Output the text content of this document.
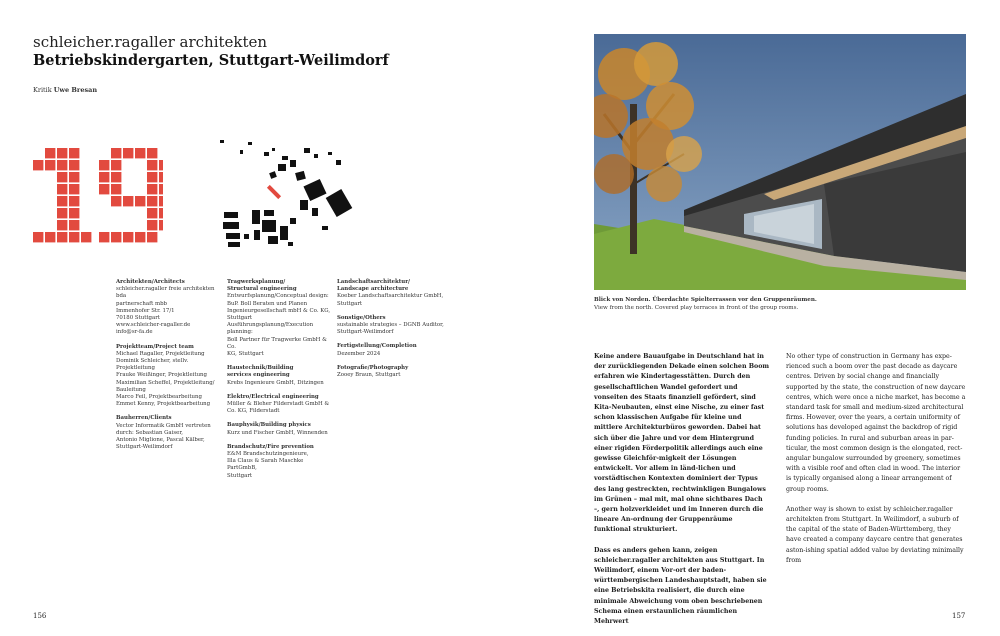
schleicher.ragaller architekten
Betriebskindergarten, Stuttgart-Weilimdorf
Kritik Uwe Bresan
19
Architekten/Architects
schleicher.ragaller freie architekten bda
partnerschaft mbb
Immenhofer Str. 17/1
70180 Stuttgart
www.schleicher-ragaller.de
info@sr-fa.de
Projektteam/Project team
Michael Ragaller, Projektleitung
Dominik Schleicher, stellv.
Projektleitung
Frauke Weißinger, Projektleitung
Maximilian Scheffel, Projektleitung/
Bauleitung
Marco Feil, Projektbearbeitung
Emmet Kenny, Projektbearbeitung
Bauherren/Clients
Vector Informatik GmbH vertreten
durch: Sebastian Gaiser,
Antonio Miglione, Pascal Kälber,
Stuttgart-Weilimdorf
Tragwerksplanung/
Structural engineering
Entwurfsplanung/Conceptual design:
BuP. Boll Beraten und Planen
Ingenieurgesellschaft mbH & Co. KG,
Stuttgart
Ausführungsplanung/Execution
planning:
Boll Partner für Tragwerke GmbH & Co.
KG, Stuttgart
Haustechnik/Building
services engineering
Krebs Ingenieure GmbH, Ditzingen
Elektro/Electrical engineering
Müller & Bleher Filderstadt GmbH &
Co. KG, Filderstadt
Bauphysik/Building physics
Kurz und Fischer GmbH, Winnenden
Brandschutz/Fire prevention
E&M Brandschutzingenieure,
Illa Claus & Sarah Maschke PartGmbB,
Stuttgart
Landschaftsarchitektur/
Landscape architecture
Koeber Landschaftsarchitektur GmbH,
Stuttgart
Sonstige/Others
sustainable strategies – DGNB Auditor,
Stuttgart-Weilimdorf
Fertigstellung/Completion
Dezember 2024
Fotografie/Photography
Zooey Braun, Stuttgart
Blick von Norden. Überdachte Spielterrassen vor den Gruppenräumen.
View from the north. Covered play terraces in front of the group rooms.

Keine andere Bauaufgabe in Deutschland hat in der zurückliegenden Dekade einen solchen Boom erfahren wie Kindertagesstätten. Durch den gesellschaftlichen Wandel gefordert und vonseiten des Staats finanziell gefördert, sind Kita-Neubauten, einst eine Nische, zu einer fast schon klassischen Aufgabe für kleine und mittlere Architekturbüros geworden. Dabei hat sich über die Jahre und vor dem Hintergrund einer rigiden Förderpolitik allerdings auch eine gewisse Gleichför-migkeit der Lösungen entwickelt. Vor allem in länd-lichen und vorstädtischen Kontexten dominiert der Typus des lang gestreckten, rechtwinkligen Bungalows im Grünen – mal mit, mal ohne sichtbares Dach –, gern holzverkleidet und im Inneren durch die lineare An-ordnung der Gruppenräume funktional strukturiert.

Dass es anders gehen kann, zeigen schleicher.ragaller architekten aus Stuttgart. In Weilimdorf, einem Vor-ort der baden-württembergischen Landeshauptstadt, haben sie eine Betriebskita realisiert, die durch eine minimale Abweichung vom oben beschriebenen Schema einen erstaunlichen räumlichen Mehrwert

No other type of construction in Germany has expe-rienced such a boom over the past decade as daycare centres. Driven by social change and financially supported by the state, the construction of new daycare centres, which were once a niche market, has become a standard task for small and medium-sized architectural firms. However, over the years, a certain uniformity of solutions has developed against the backdrop of rigid funding policies. In rural and suburban areas in par-ticular, the most common design is the elongated, rect-angular bungalow surrounded by greenery, sometimes with a visible roof and often clad in wood. The interior is typically organised along a linear arrangement of group rooms.

Another way is shown to exist by schleicher.ragaller architekten from Stuttgart. In Weilimdorf, a suburb of the capital of the state of Baden-Württemberg, they have created a company daycare centre that generates aston-ishing spatial added value by deviating minimally from

156	157
